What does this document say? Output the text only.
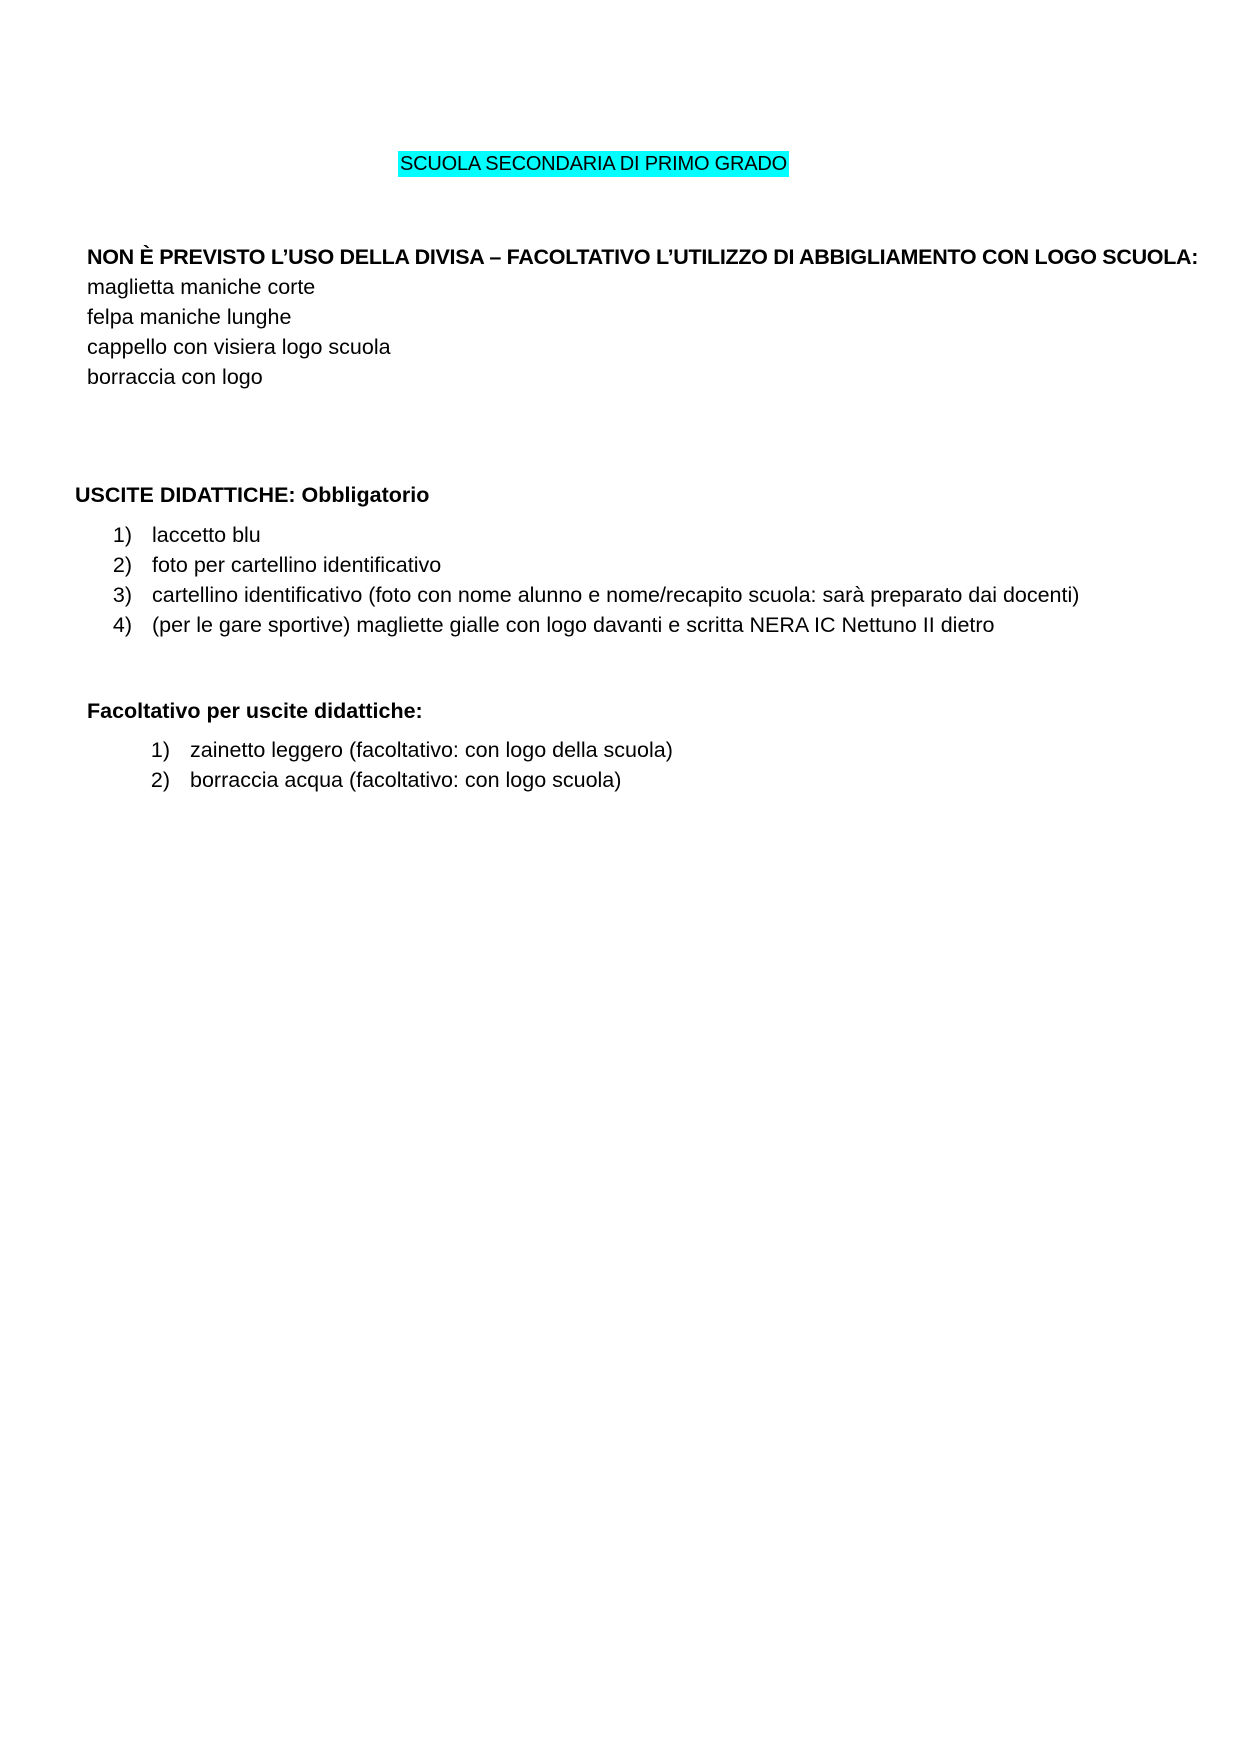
SCUOLA SECONDARIA DI PRIMO GRADO
NON È PREVISTO L’USO DELLA DIVISA – FACOLTATIVO L’UTILIZZO DI ABBIGLIAMENTO CON LOGO SCUOLA:
maglietta maniche corte
felpa maniche lunghe
cappello con visiera logo scuola
borraccia con logo
USCITE DIDATTICHE: Obbligatorio
1) laccetto blu
2) foto per cartellino identificativo
3) cartellino identificativo (foto con nome alunno e nome/recapito scuola: sarà preparato dai docenti)
4) (per le gare sportive) magliette gialle con logo davanti e scritta NERA IC Nettuno II dietro
Facoltativo per uscite didattiche:
1) zainetto leggero (facoltativo: con logo della scuola)
2) borraccia acqua (facoltativo: con logo scuola)
